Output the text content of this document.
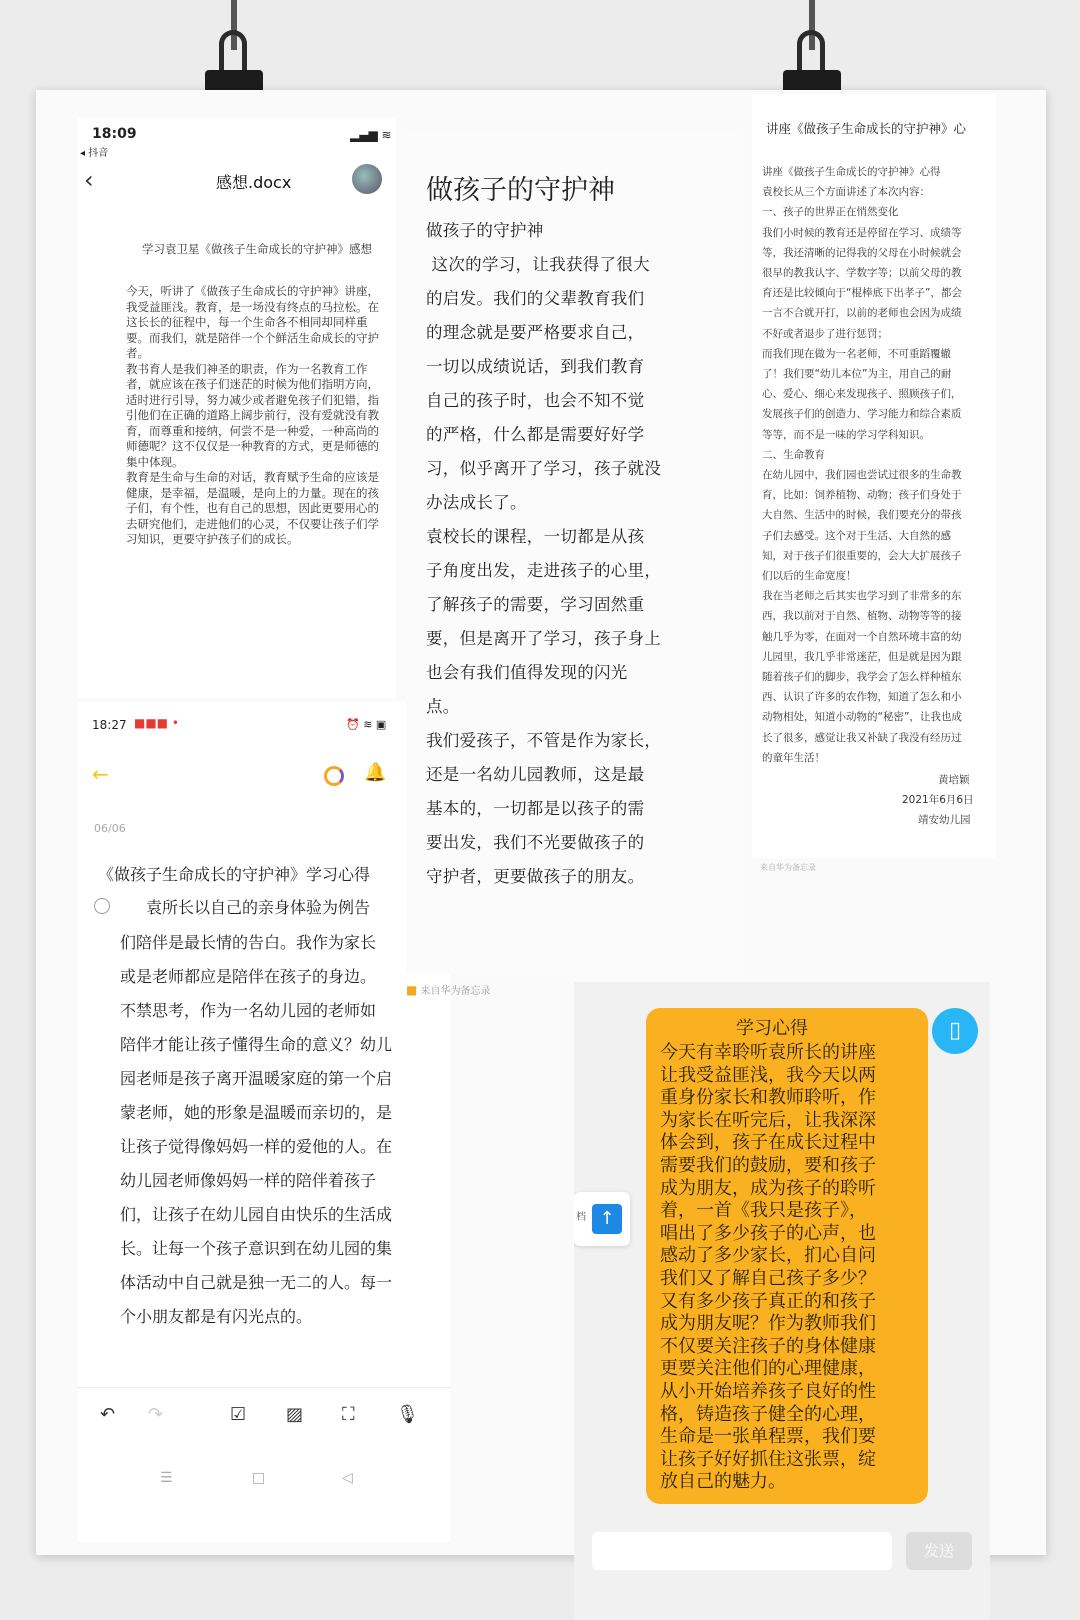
18:09
◂ 抖音
▂▄▆ ≋
‹	感想.docx
学习袁卫星《做孩子生命成长的守护神》感想
今天，听讲了《做孩子生命成长的守护神》讲座，我受益匪浅。教育，是一场没有终点的马拉松。在这长长的征程中，每一个生命各不相同却同样重要。而我们，就是陪伴一个个鲜活生命成长的守护者。
教书育人是我们神圣的职责，作为一名教育工作者，就应该在孩子们迷茫的时候为他们指明方向，适时进行引导，努力减少或者避免孩子们犯错，指引他们在正确的道路上阔步前行，没有爱就没有教育，而尊重和接纳，何尝不是一种爱，一种高尚的师德呢？这不仅仅是一种教育的方式，更是师德的集中体现。
教育是生命与生命的对话，教育赋予生命的应该是健康，是幸福，是温暖，是向上的力量。现在的孩子们，有个性，也有自己的思想，因此更要用心的去研究他们，走进他们的心灵，不仅要让孩子们学习知识，更要守护孩子们的成长。
18:27 ■■■ •	⏰ ≋ ▣
←	🔔
06/06
《做孩子生命成长的守护神》学习心得
袁所长以自己的亲身体验为例告
们陪伴是最长情的告白。我作为家长
或是老师都应是陪伴在孩子的身边。
不禁思考，作为一名幼儿园的老师如
陪伴才能让孩子懂得生命的意义？幼儿
园老师是孩子离开温暖家庭的第一个启
蒙老师，她的形象是温暖而亲切的，是
让孩子觉得像妈妈一样的爱他的人。在
幼儿园老师像妈妈一样的陪伴着孩子
们，让孩子在幼儿园自由快乐的生活成
长。让每一个孩子意识到在幼儿园的集
体活动中自己就是独一无二的人。每一
个小朋友都是有闪光点的。
↶ ↷	☑ ▨ ⛶ 🎙
☰	□	◁
做孩子的守护神
做孩子的守护神
这次的学习，让我获得了很大
的启发。我们的父辈教育我们
的理念就是要严格要求自己，
一切以成绩说话，到我们教育
自己的孩子时，也会不知不觉
的严格，什么都是需要好好学
习，似乎离开了学习，孩子就没
办法成长了。
袁校长的课程，一切都是从孩
子角度出发，走进孩子的心里，
了解孩子的需要，学习固然重
要，但是离开了学习，孩子身上
也会有我们值得发现的闪光
点。
我们爱孩子，不管是作为家长，
还是一名幼儿园教师，这是最
基本的，一切都是以孩子的需
要出发，我们不光要做孩子的
守护者，更要做孩子的朋友。
■ 来自华为备忘录
讲座《做孩子生命成长的守护神》心
讲座《做孩子生命成长的守护神》心得
袁校长从三个方面讲述了本次内容：
一、孩子的世界正在悄然变化
我们小时候的教育还是停留在学习、成绩等
等，我还清晰的记得我的父母在小时候就会
很早的教我认字、学数字等；以前父母的教
育还是比较倾向于“棍棒底下出孝子”，都会
一言不合就开打，以前的老师也会因为成绩
不好或者退步了进行惩罚；
而我们现在做为一名老师，不可重蹈覆辙
了！我们要“幼儿本位”为主，用自己的耐
心、爱心、细心来发现孩子、照顾孩子们，
发展孩子们的创造力、学习能力和综合素质
等等，而不是一味的学习学科知识。
二、生命教育
在幼儿园中，我们园也尝试过很多的生命教
育，比如：饲养植物、动物；孩子们身处于
大自然、生活中的时候，我们要充分的带孩
子们去感受。这个对于生活、大自然的感
知，对于孩子们很重要的，会大大扩展孩子
们以后的生命宽度！
我在当老师之后其实也学习到了非常多的东
西，我以前对于自然、植物、动物等等的接
触几乎为零，在面对一个自然环境丰富的幼
儿园里，我几乎非常迷茫，但是就是因为跟
随着孩子们的脚步，我学会了怎么样种植东
西、认识了许多的农作物，知道了怎么和小
动物相处，知道小动物的“秘密”，让我也成
长了很多，感觉让我又补缺了我没有经历过
的童年生活！
黄培颖
2021年6月6日
靖安幼儿园
来自华为备忘录
学习心得
今天有幸聆听袁所长的讲座
让我受益匪浅，我今天以两
重身份家长和教师聆听，作
为家长在听完后，让我深深
体会到，孩子在成长过程中
需要我们的鼓励，要和孩子
成为朋友，成为孩子的聆听
着，一首《我只是孩子》，
唱出了多少孩子的心声，也
感动了多少家长，扪心自问
我们又了解自己孩子多少？
又有多少孩子真正的和孩子
成为朋友呢？作为教师我们
不仅要关注孩子的身体健康
更要关注他们的心理健康，
从小开始培养孩子良好的性
格，铸造孩子健全的心理，
生命是一张单程票，我们要
让孩子好好抓住这张票，绽
放自己的魅力。
▯
档 ↑
发送
